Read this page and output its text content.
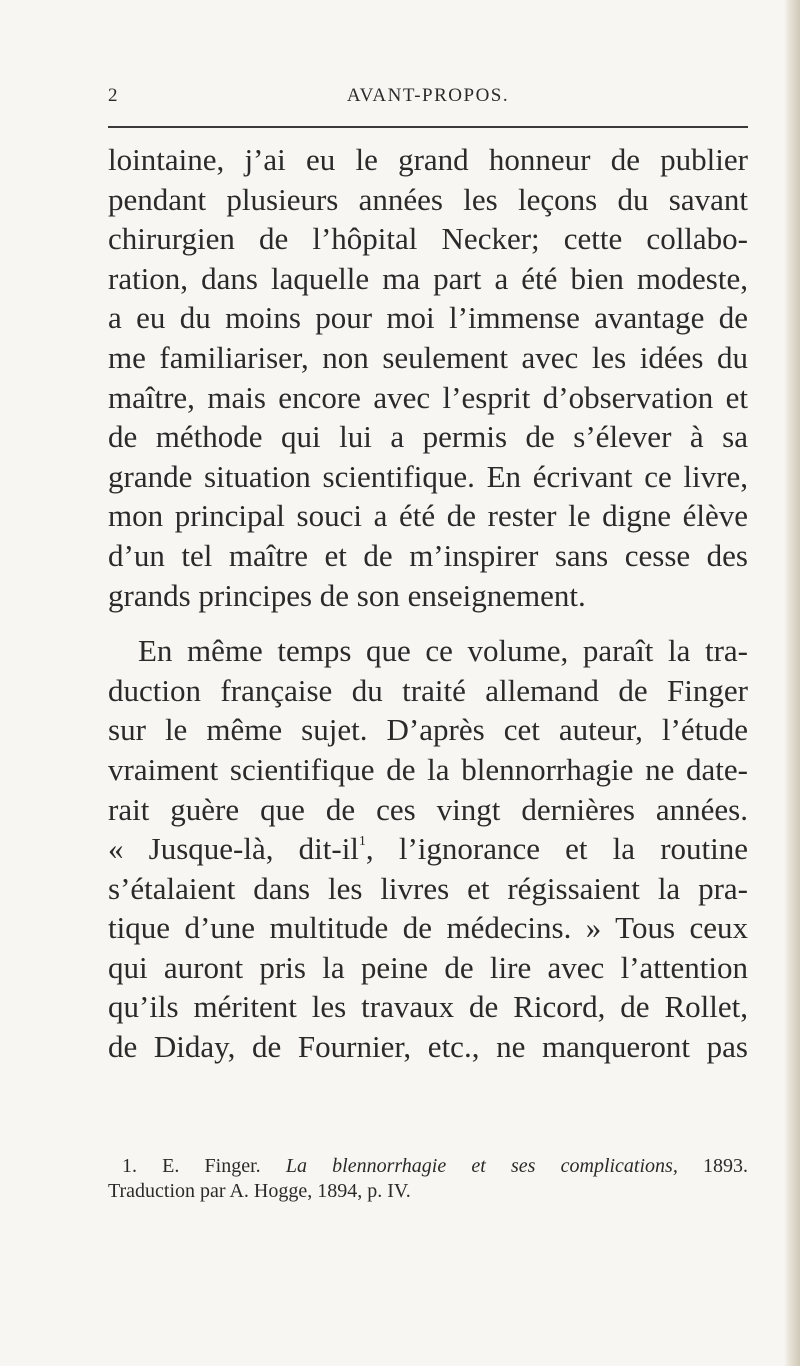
2	AVANT-PROPOS.
lointaine, j’ai eu le grand honneur de publier
pendant plusieurs années les leçons du savant
chirurgien de l’hôpital Necker; cette collabo-
ration, dans laquelle ma part a été bien modeste,
a eu du moins pour moi l’immense avantage de
me familiariser, non seulement avec les idées du
maître, mais encore avec l’esprit d’observation et
de méthode qui lui a permis de s’élever à sa
grande situation scientifique. En écrivant ce livre,
mon principal souci a été de rester le digne élève
d’un tel maître et de m’inspirer sans cesse des
grands principes de son enseignement.
En même temps que ce volume, paraît la tra-
duction française du traité allemand de Finger
sur le même sujet. D’après cet auteur, l’étude
vraiment scientifique de la blennorrhagie ne date-
rait guère que de ces vingt dernières années.
« Jusque-là, dit-$il^1$, l’ignorance et la routine
s’étalaient dans les livres et régissaient la pra-
tique d’une multitude de médecins. » Tous ceux
qui auront pris la peine de lire avec l’attention
qu’ils méritent les travaux de Ricord, de Rollet,
de Diday, de Fournier, etc., ne manqueront pas
1. E. Finger. La blennorrhagie et ses complications, 1893.
Traduction par A. Hogge, 1894, p. IV.
